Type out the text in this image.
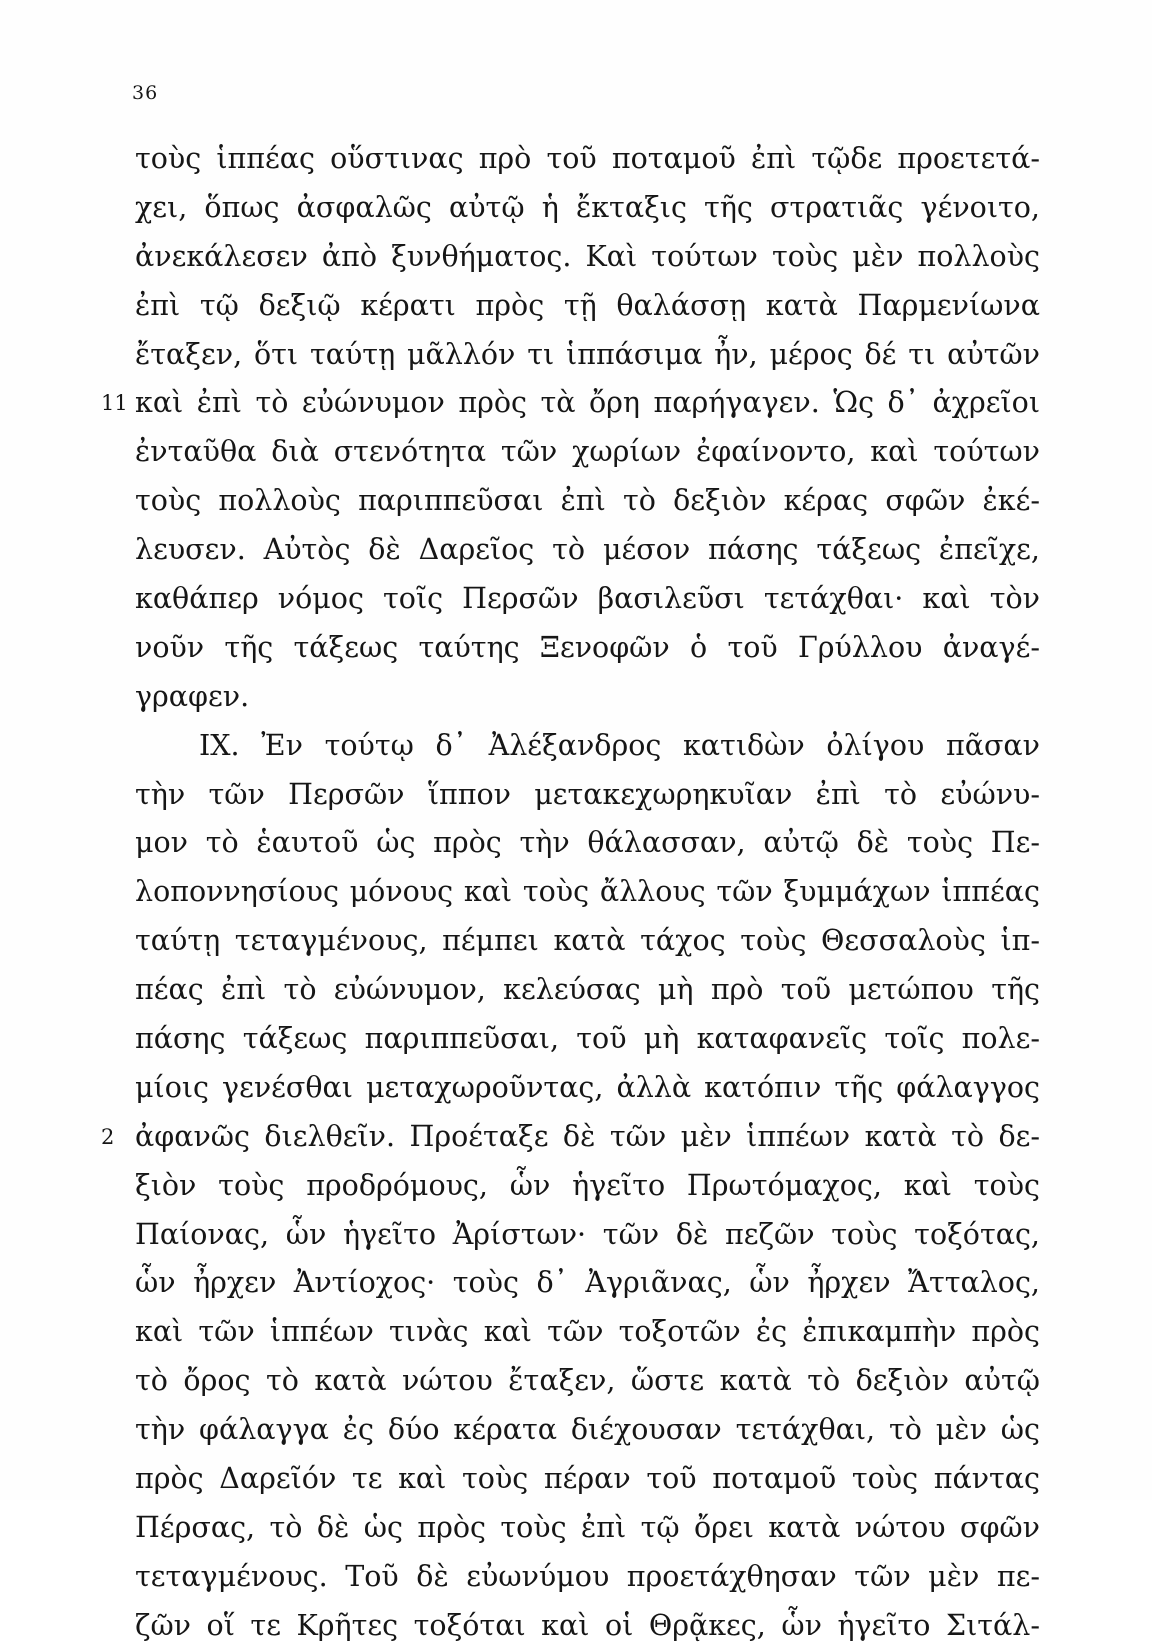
36
τοὺς ἱππέας οὕστινας πρὸ τοῦ ποταμοῦ ἐπὶ τῷδε προετετά-
χει, ὅπως ἀσφαλῶς αὐτῷ ἡ ἔκταξις τῆς στρατιᾶς γένοιτο,
ἀνεκάλεσεν ἀπὸ ξυνθήματος. Καὶ τούτων τοὺς μὲν πολλοὺς
ἐπὶ τῷ δεξιῷ κέρατι πρὸς τῇ θαλάσσῃ κατὰ Παρμενίωνα
ἔταξεν, ὅτι ταύτῃ μᾶλλόν τι ἱππάσιμα ἦν, μέρος δέ τι αὐτῶν
11 καὶ ἐπὶ τὸ εὐώνυμον πρὸς τὰ ὄρη παρήγαγεν. Ὡς δ᾽ ἀχρεῖοι
ἐνταῦθα διὰ στενότητα τῶν χωρίων ἐφαίνοντο, καὶ τούτων
τοὺς πολλοὺς παριππεῦσαι ἐπὶ τὸ δεξιὸν κέρας σφῶν ἐκέ-
λευσεν. Αὐτὸς δὲ Δαρεῖος τὸ μέσον πάσης τάξεως ἐπεῖχε,
καθάπερ νόμος τοῖς Περσῶν βασιλεῦσι τετάχθαι· καὶ τὸν
νοῦν τῆς τάξεως ταύτης Ξενοφῶν ὁ τοῦ Γρύλλου ἀναγέ-
γραφεν.
IX. Ἐν τούτῳ δ᾽ Ἀλέξανδρος κατιδὼν ὀλίγου πᾶσαν
τὴν τῶν Περσῶν ἵππον μετακεχωρηκυῖαν ἐπὶ τὸ εὐώνυ-
μον τὸ ἑαυτοῦ ὡς πρὸς τὴν θάλασσαν, αὐτῷ δὲ τοὺς Πε-
λοποννησίους μόνους καὶ τοὺς ἄλλους τῶν ξυμμάχων ἱππέας
ταύτῃ τεταγμένους, πέμπει κατὰ τάχος τοὺς Θεσσαλοὺς ἱπ-
πέας ἐπὶ τὸ εὐώνυμον, κελεύσας μὴ πρὸ τοῦ μετώπου τῆς
πάσης τάξεως παριππεῦσαι, τοῦ μὴ καταφανεῖς τοῖς πολε-
μίοις γενέσθαι μεταχωροῦντας, ἀλλὰ κατόπιν τῆς φάλαγγος
2 ἀφανῶς διελθεῖν. Προέταξε δὲ τῶν μὲν ἱππέων κατὰ τὸ δε-
ξιὸν τοὺς προδρόμους, ὧν ἡγεῖτο Πρωτόμαχος, καὶ τοὺς
Παίονας, ὧν ἡγεῖτο Ἀρίστων· τῶν δὲ πεζῶν τοὺς τοξότας,
ὧν ἦρχεν Ἀντίοχος· τοὺς δ᾽ Ἀγριᾶνας, ὧν ἦρχεν Ἄτταλος,
καὶ τῶν ἱππέων τινὰς καὶ τῶν τοξοτῶν ἐς ἐπικαμπὴν πρὸς
τὸ ὄρος τὸ κατὰ νώτου ἔταξεν, ὥστε κατὰ τὸ δεξιὸν αὐτῷ
τὴν φάλαγγα ἐς δύο κέρατα διέχουσαν τετάχθαι, τὸ μὲν ὡς
πρὸς Δαρεῖόν τε καὶ τοὺς πέραν τοῦ ποταμοῦ τοὺς πάντας
Πέρσας, τὸ δὲ ὡς πρὸς τοὺς ἐπὶ τῷ ὄρει κατὰ νώτου σφῶν
τεταγμένους. Τοῦ δὲ εὐωνύμου προετάχθησαν τῶν μὲν πε-
ζῶν οἵ τε Κρῆτες τοξόται καὶ οἱ Θρᾷκες, ὧν ἡγεῖτο Σιτάλ-
